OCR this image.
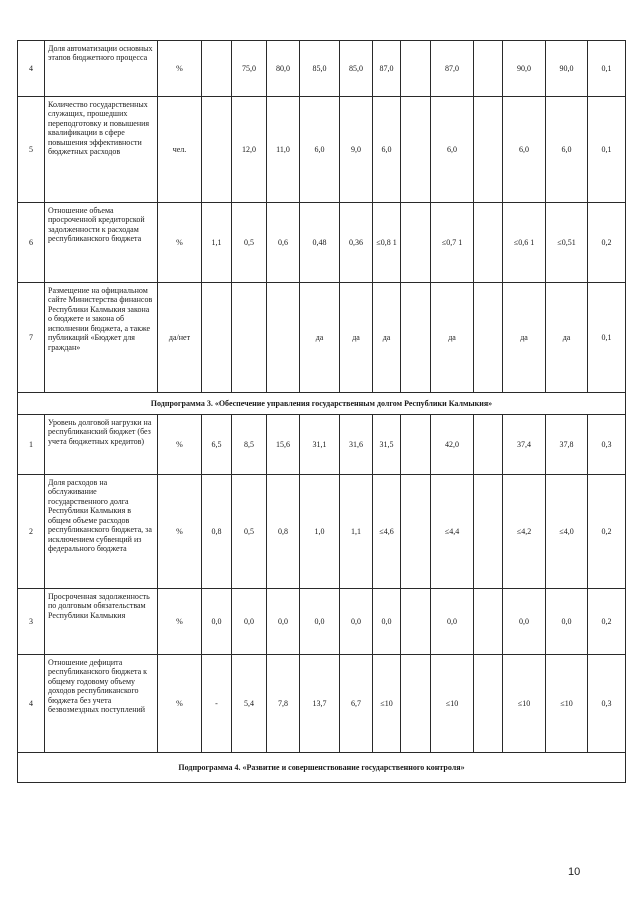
4	Доля автоматизации основных этапов бюджетного процесса	%		75,0	80,0	85,0	85,0	87,0		87,0		90,0	90,0	0,1
5	Количество государственных служащих, прошедших переподготовку и повышения квалификации в сфере повышения эффективности бюджетных расходов	чел.		12,0	11,0	6,0	9,0	6,0		6,0		6,0	6,0	0,1
6	Отношение объема просроченной кредиторской задолженности к расходам республиканского бюджета	%	1,1	0,5	0,6	0,48	0,36	≤0,8 1		≤0,7 1		≤0,6 1	≤0,51	0,2
7	Размещение на официальном сайте Министерства финансов Республики Калмыкия закона о бюджете и закона об исполнении бюджета, а также публикаций «Бюджет для граждан»	да/нет				да	да	да		да		да	да	0,1
Подпрограмма 3. «Обеспечение управления государственным долгом Республики Калмыкия»														
1	Уровень долговой нагрузки на республиканский бюджет (без учета бюджетных кредитов)	%	6,5	8,5	15,6	31,1	31,6	31,5		42,0		37,4	37,8	0,3
2	Доля расходов на обслуживание государственного долга Республики Калмыкия в общем объеме расходов республиканского бюджета, за исключением субвенций из федерального бюджета	%	0,8	0,5	0,8	1,0	1,1	≤4,6		≤4,4		≤4,2	≤4,0	0,2
3	Просроченная задолженность по долговым обязательствам Республики Калмыкия	%	0,0	0,0	0,0	0,0	0,0	0,0		0,0		0,0	0,0	0,2
4	Отношение дефицита республиканского бюджета к общему годовому объему доходов республиканского бюджета без учета безвозмездных поступлений	%	-	5,4	7,8	13,7	6,7	≤10		≤10		≤10	≤10	0,3
Подпрограмма 4. «Развитие и совершенствование государственного контроля»														
10
